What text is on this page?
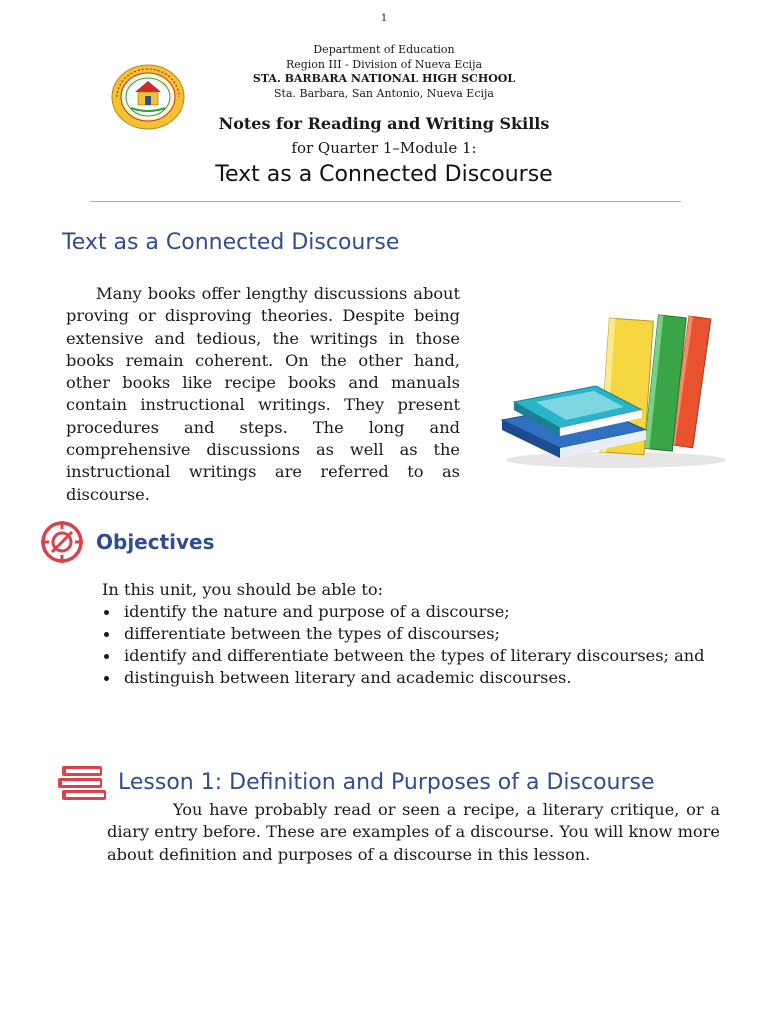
1
Department of Education
Region III - Division of Nueva Ecija
STA. BARBARA NATIONAL HIGH SCHOOL
Sta. Barbara, San Antonio, Nueva Ecija
Notes for Reading and Writing Skills
for Quarter 1–Module 1:
Text as a Connected Discourse
Text as a Connected Discourse

Many books offer lengthy discussions about proving or disproving theories. Despite being extensive and tedious, the writings in those books remain coherent. On the other hand, other books like recipe books and manuals contain instructional writings. They present procedures and steps. The long and comprehensive discussions as well as the instructional writings are referred to as discourse.

Objectives
In this unit, you should be able to:
identify the nature and purpose of a discourse;
differentiate between the types of discourses;
identify and differentiate between the types of literary discourses; and
distinguish between literary and academic discourses.
Lesson 1: Definition and Purposes of a Discourse

You have probably read or seen a recipe, a literary critique, or a diary entry before. These are examples of a discourse. You will know more about definition and purposes of a discourse in this lesson.
